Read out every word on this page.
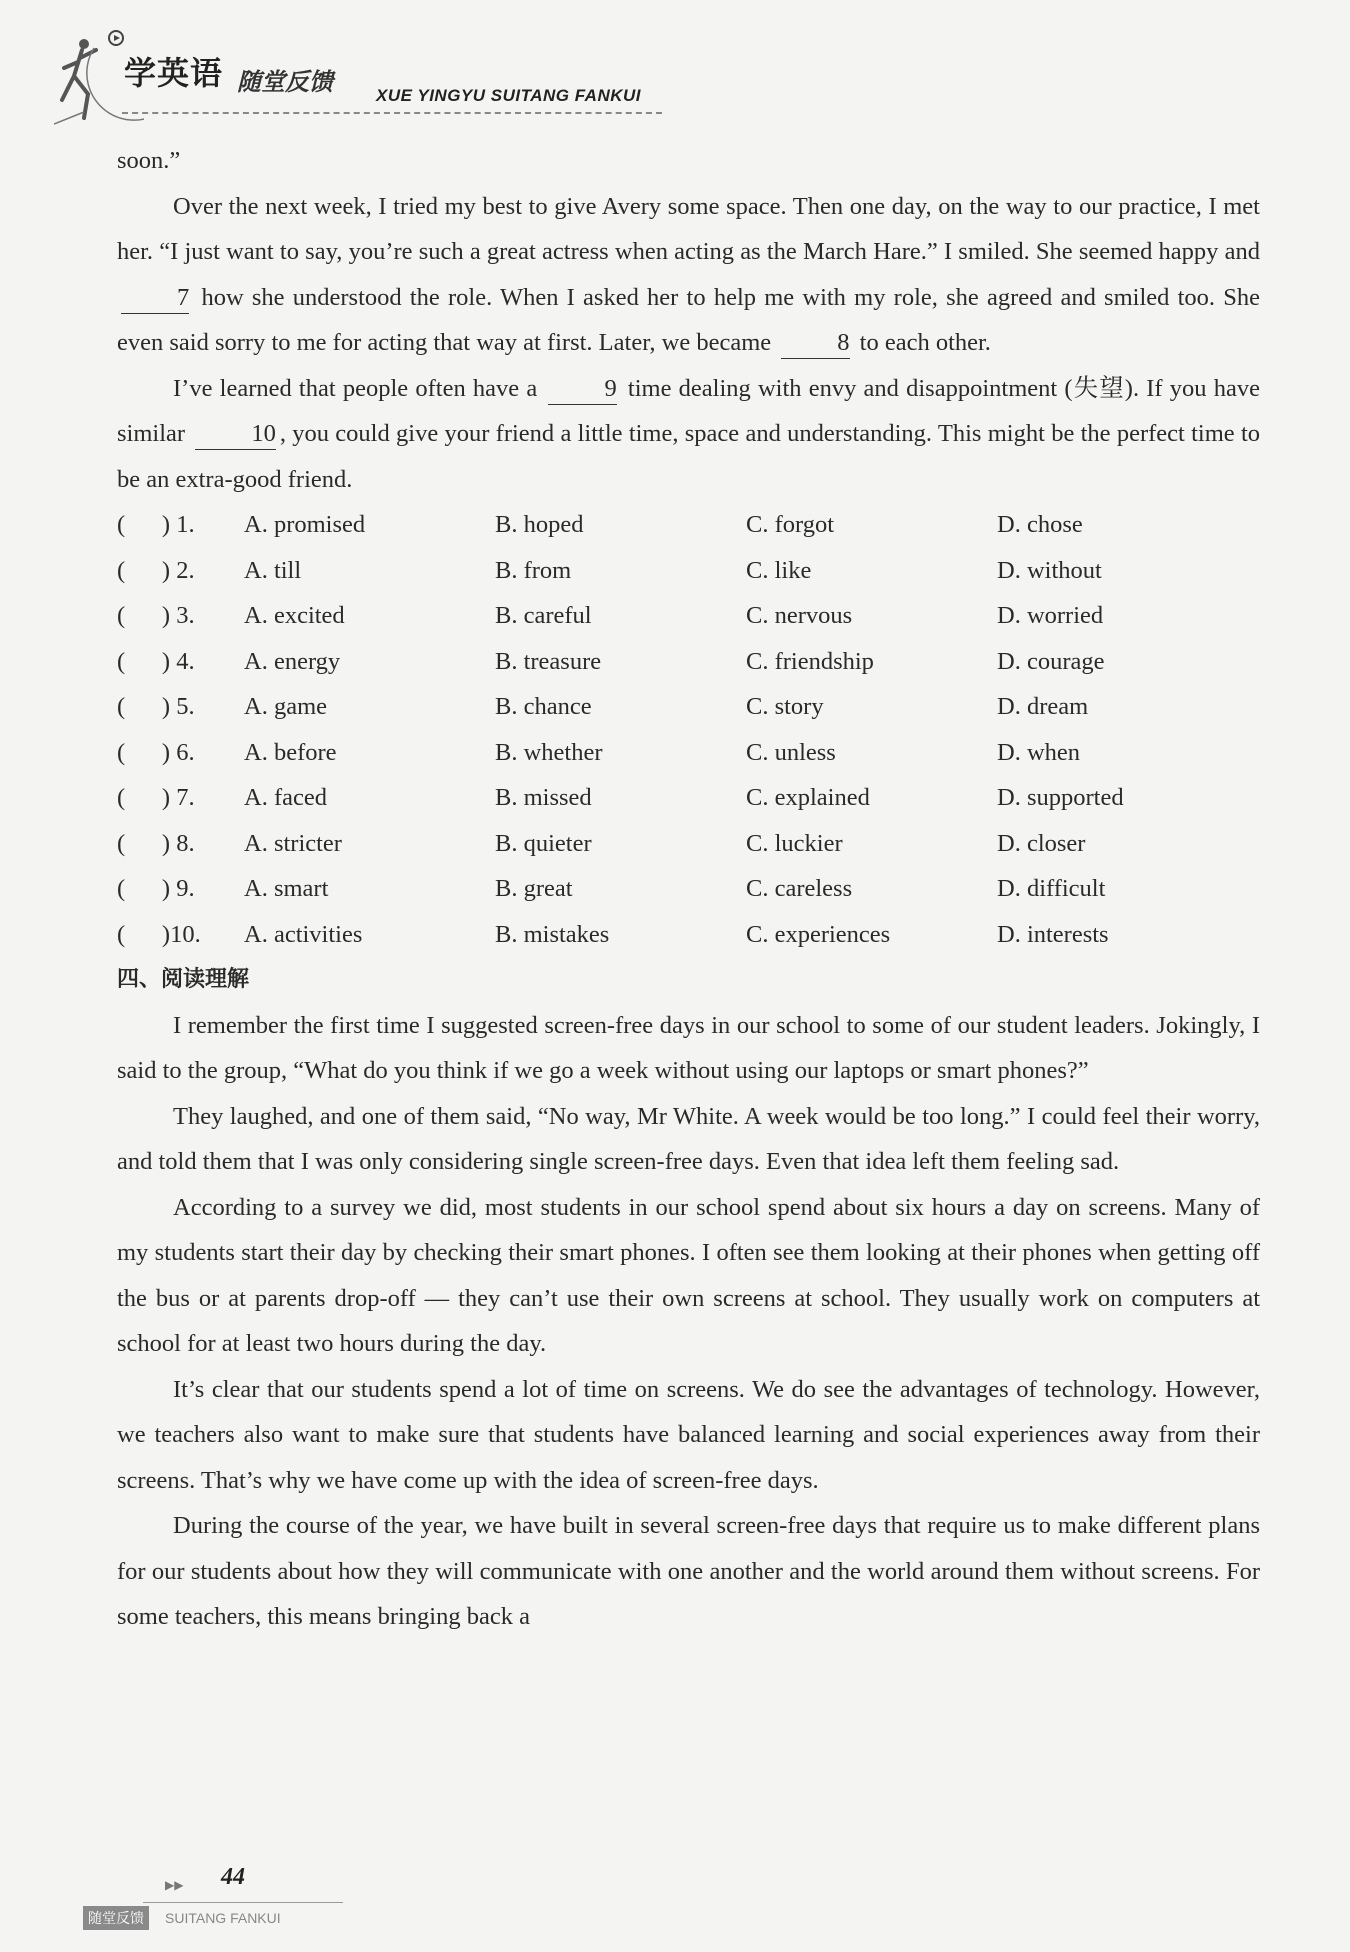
学英语 随堂反馈	XUE YINGYU SUITANG FANKUI

soon.”

Over the next week, I tried my best to give Avery some space. Then one day, on the way to our practice, I met her. “I just want to say, you’re such a great actress when acting as the March Hare.” I smiled. She seemed happy and 7 how she understood the role. When I asked her to help me with my role, she agreed and smiled too. She even said sorry to me for acting that way at first. Later, we became	8 to each other.

I’ve learned that people often have a	9 time dealing with envy and disappointment (失望). If you have similar	10 , you could give your friend a little time, space and understanding. This might be the perfect time to be an extra-good friend.

(      ) 1.	A. promised	B. hoped	C. forgot	D. chose
(      ) 2.	A. till	B. from	C. like	D. without
(      ) 3.	A. excited	B. careful	C. nervous	D. worried
(      ) 4.	A. energy	B. treasure	C. friendship	D. courage
(      ) 5.	A. game	B. chance	C. story	D. dream
(      ) 6.	A. before	B. whether	C. unless	D. when
(      ) 7.	A. faced	B. missed	C. explained	D. supported
(      ) 8.	A. stricter	B. quieter	C. luckier	D. closer
(      ) 9.	A. smart	B. great	C. careless	D. difficult
(      )10.	A. activities	B. mistakes	C. experiences	D. interests
四、阅读理解

I remember the first time I suggested screen-free days in our school to some of our student leaders. Jokingly, I said to the group, “What do you think if we go a week without using our laptops or smart phones?”

They laughed, and one of them said, “No way, Mr White. A week would be too long.” I could feel their worry, and told them that I was only considering single screen-free days. Even that idea left them feeling sad.

According to a survey we did, most students in our school spend about six hours a day on screens. Many of my students start their day by checking their smart phones. I often see them looking at their phones when getting off the bus or at parents drop-off — they can’t use their own screens at school. They usually work on computers at school for at least two hours during the day.

It’s clear that our students spend a lot of time on screens. We do see the advantages of technology. However, we teachers also want to make sure that students have balanced learning and social experiences away from their screens. That’s why we have come up with the idea of screen-free days.

During the course of the year, we have built in several screen-free days that require us to make different plans for our students about how they will communicate with one another and the world around them without screens. For some teachers, this means bringing back a

▶▶ 44
随堂反馈	SUITANG FANKUI
